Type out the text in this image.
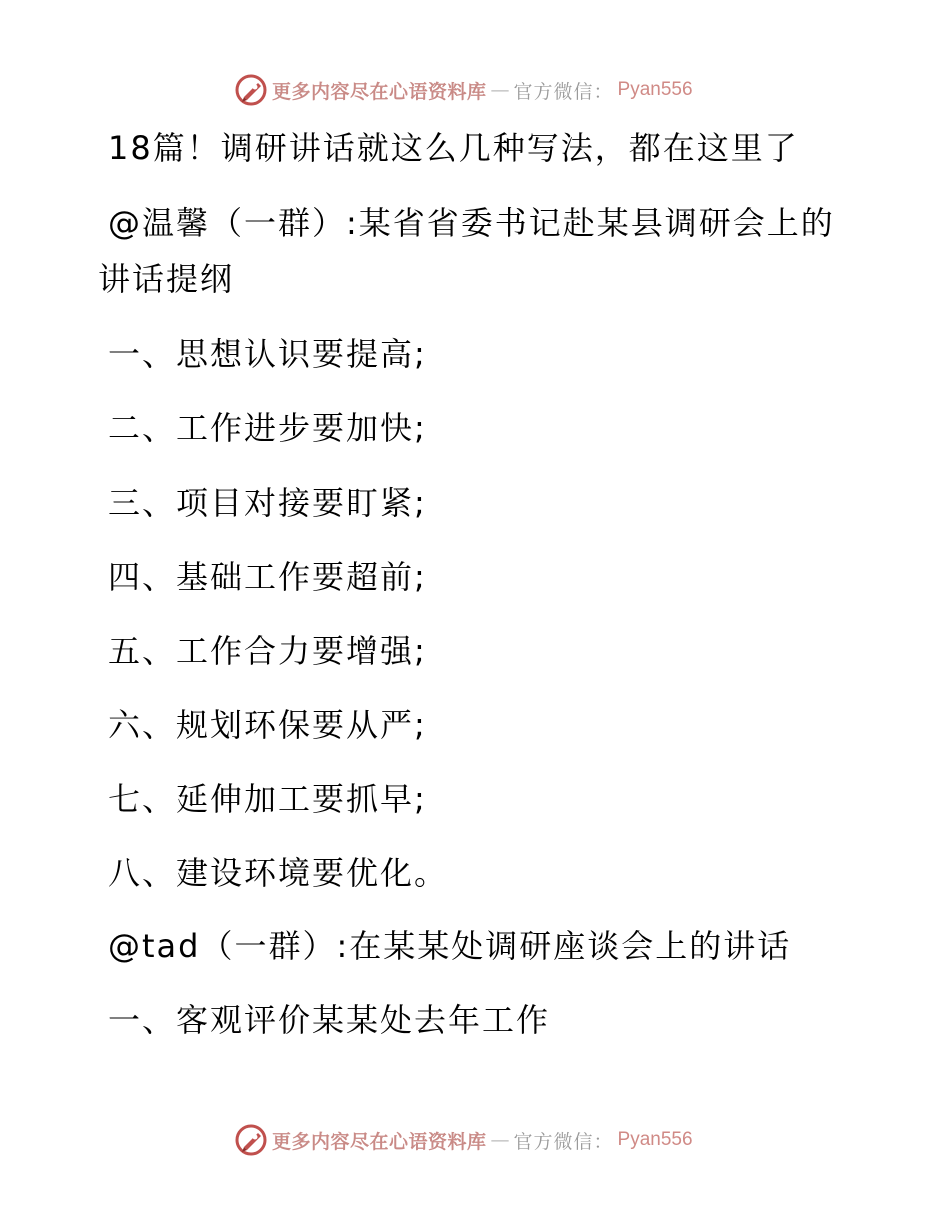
更多内容尽在心语资料库 — 官方微信： Pyan556
18篇！调研讲话就这么几种写法，都在这里了
@温馨（一群）:某省省委书记赴某县调研会上的
讲话提纲
一、思想认识要提高;
二、工作进步要加快;
三、项目对接要盯紧;
四、基础工作要超前;
五、工作合力要增强;
六、规划环保要从严;
七、延伸加工要抓早;
八、建设环境要优化。
@tad（一群）:在某某处调研座谈会上的讲话
一、客观评价某某处去年工作
更多内容尽在心语资料库 — 官方微信： Pyan556
